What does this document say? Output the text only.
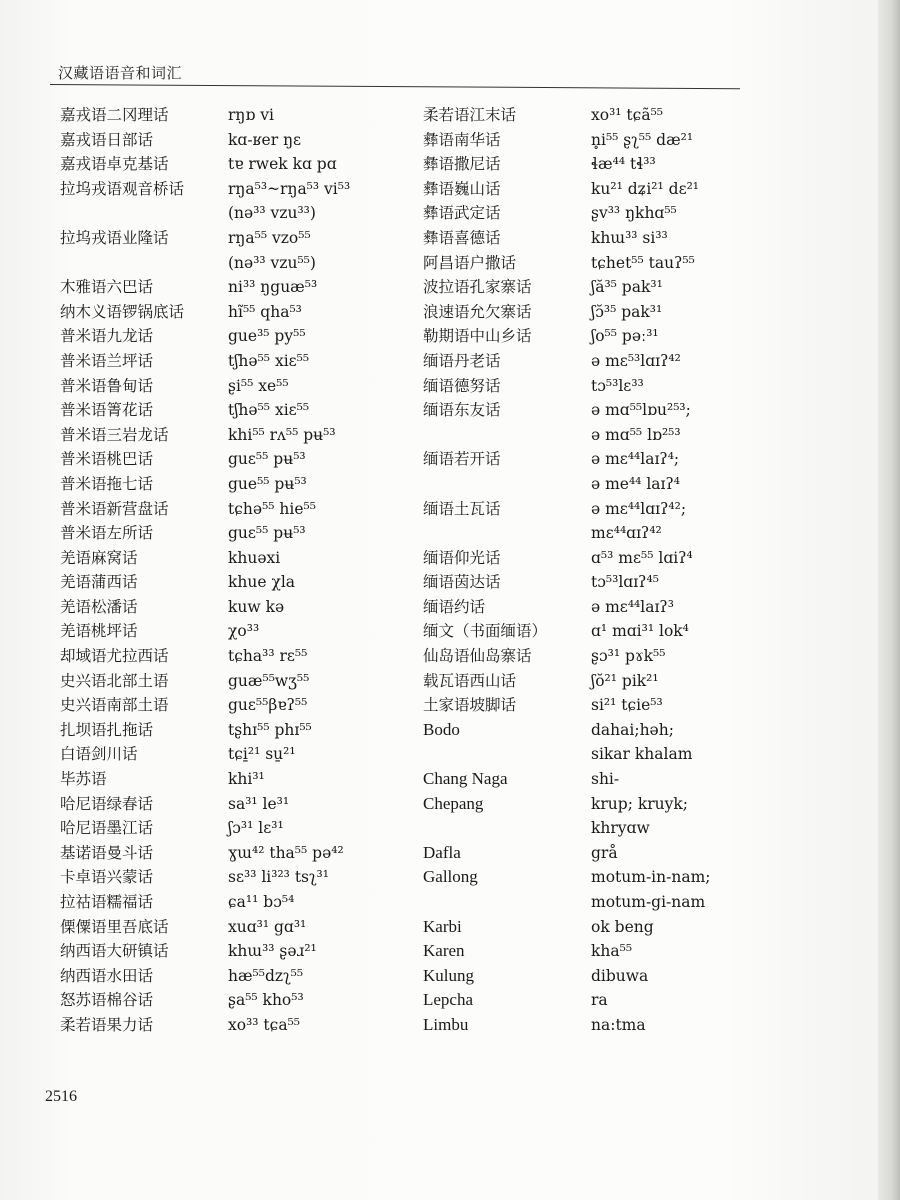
汉藏语语音和词汇
嘉戎语二冈理话	rŋɒ vi
嘉戎语日部话	kɑ-ʁer ŋɛ
嘉戎语卓克基话	tɐ rwek kɑ pɑ
拉坞戎语观音桥话	rŋa⁵³~rŋa⁵³ vi⁵³
(nə³³ vzu³³)
拉坞戎语业隆话	rŋa⁵⁵ vzo⁵⁵
(nə³³ vzu⁵⁵)
木雅语六巴话	ni³³ ŋguæ⁵³
纳木义语锣锅底话	hĩ⁵⁵ qha⁵³
普米语九龙话	gue³⁵ py⁵⁵
普米语兰坪话	tʃhə⁵⁵ xiɛ⁵⁵
普米语鲁甸话	ʂi⁵⁵ xe⁵⁵
普米语箐花话	tʃhə⁵⁵ xiɛ⁵⁵
普米语三岩龙话	khi⁵⁵ rʌ⁵⁵ pʉ⁵³
普米语桃巴话	guɛ⁵⁵ pʉ⁵³
普米语拖七话	gue⁵⁵ pʉ⁵³
普米语新营盘话	tɕhə⁵⁵ hie⁵⁵
普米语左所话	guɛ⁵⁵ pʉ⁵³
羌语麻窝话	khuəxi
羌语蒲西话	khue χla
羌语松潘话	kuw kə
羌语桃坪话	χo³³
却域语尤拉西话	tɕha³³ rɛ⁵⁵
史兴语北部土语	guæ⁵⁵wʒ⁵⁵
史兴语南部土语	guɛ⁵⁵βɐʔ⁵⁵
扎坝语扎拖话	tʂhɪ⁵⁵ phɪ⁵⁵
白语剑川话	tɕi̱²¹ su̱²¹
毕苏语	khi³¹
哈尼语绿春话	sa³¹ le³¹
哈尼语墨江话	ʃɔ³¹ lɛ³¹
基诺语曼斗话	ɣɯ⁴² tha⁵⁵ pə⁴²
卡卓语兴蒙话	sɛ³³ li³²³ tsʅ³¹
拉祜语糯福话	ɕa¹¹ bɔ⁵⁴
傈僳语里吾底话	xuɑ³¹ gɑ³¹
纳西语大研镇话	khɯ³³ ʂəɹ²¹
纳西语水田话	hæ⁵⁵dzʅ⁵⁵
怒苏语棉谷话	ʂa⁵⁵ kho⁵³
柔若语果力话	xo³³ tɕa⁵⁵
柔若语江末话	xo³¹ tɕã⁵⁵
彝语南华话	n̥i⁵⁵ ʂʅ⁵⁵ dæ²¹
彝语撒尼话	ɬæ⁴⁴ tɬ³³
彝语巍山话	ku²¹ dʑi²¹ dɛ²¹
彝语武定话	ʂv³³ ŋkhɑ⁵⁵
彝语喜德话	khɯ³³ si³³
阿昌语户撒话	tɕhet⁵⁵ tauʔ⁵⁵
波拉语孔家寨话	ʃă³⁵ pak³¹
浪速语允欠寨话	ʃɔ̆³⁵ pak³¹
勒期语中山乡话	ʃo⁵⁵ pəː³¹
缅语丹老话	ə mɛ⁵³lɑɪʔ⁴²
缅语德努话	tɔ⁵³lɛ³³
缅语东友话	ə mɑ⁵⁵lɒu²⁵³;
ə mɑ⁵⁵ lɒ²⁵³
缅语若开话	ə mɛ⁴⁴laɪʔ⁴;
ə me⁴⁴ laɪʔ⁴
缅语土瓦话	ə mɛ⁴⁴lɑɪʔ⁴²;
mɛ⁴⁴ɑɪʔ⁴²
缅语仰光话	ɑ⁵³ mɛ⁵⁵ lɑiʔ⁴
缅语茵达话	tɔ⁵³lɑɪʔ⁴⁵
缅语约话	ə mɛ⁴⁴laɪʔ³
缅文（书面缅语）	ɑ¹ mɑi³¹ lok⁴
仙岛语仙岛寨话	ʂɔ³¹ pɤk⁵⁵
载瓦语西山话	ʃŏ²¹ pik²¹
土家语坡脚话	si²¹ tɕie⁵³
Bodo	dahai;həh;
sikar khalam
Chang Naga	shi-
Chepang	krup; kruyk;
khryɑw
Dafla	grå
Gallong	motum-in-nam;
motum-gi-nam
Karbi	ok beng
Karen	kha⁵⁵
Kulung	dibuwa
Lepcha	ra
Limbu	na:tma
2516
